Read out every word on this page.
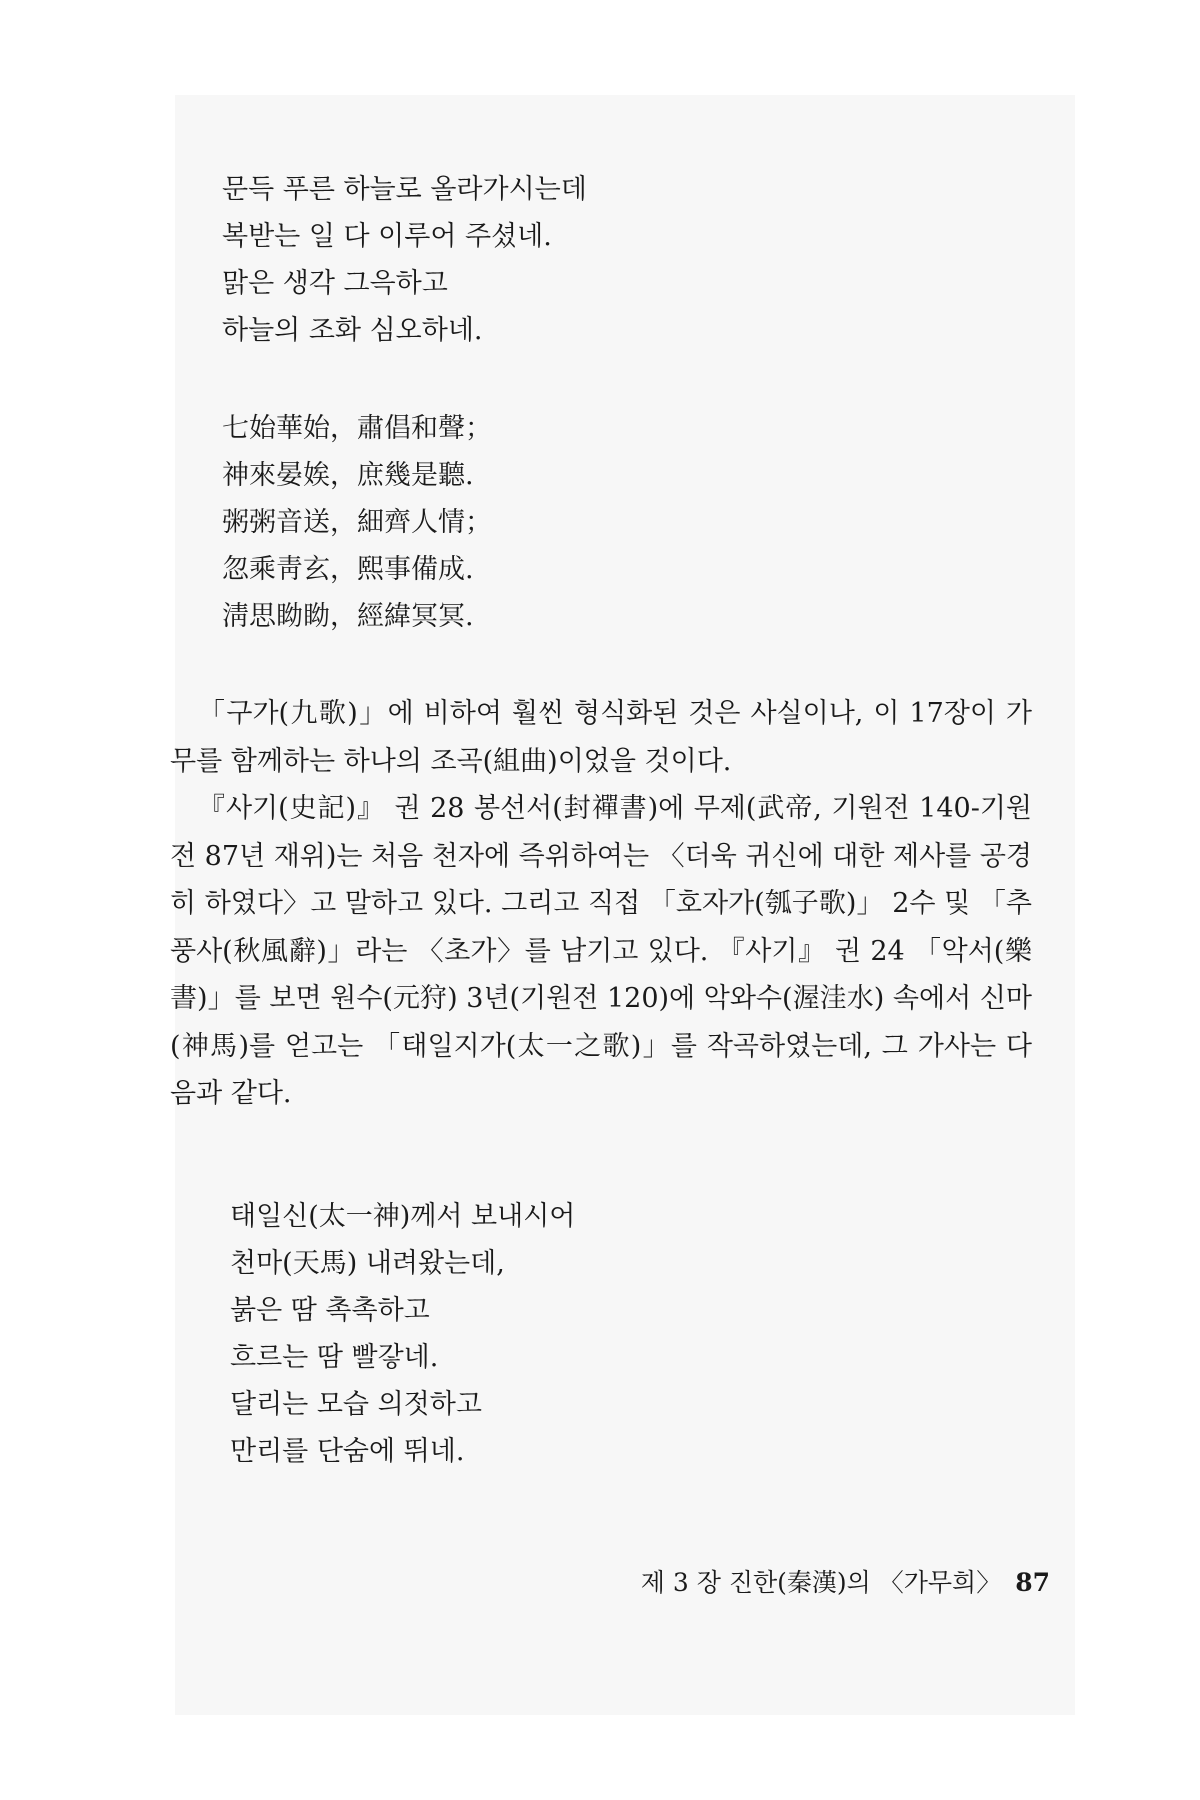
문득 푸른 하늘로 올라가시는데
복받는 일 다 이루어 주셨네.
맑은 생각 그윽하고
하늘의 조화 심오하네.
七始華始，肅倡和聲；
神來晏娭，庶幾是聽.
粥粥音送，細齊人情；
忽乘靑玄，熙事備成.
淸思眑眑，經緯冥冥.

「구가(九歌)」에 비하여 훨씬 형식화된 것은 사실이나, 이 17장이 가무를 함께하는 하나의 조곡(組曲)이었을 것이다.

『사기(史記)』 권 28 봉선서(封禪書)에 무제(武帝, 기원전 140-기원전 87년 재위)는 처음 천자에 즉위하여는 〈더욱 귀신에 대한 제사를 공경히 하였다〉고 말하고 있다. 그리고 직접 「호자가(瓠子歌)」 2수 및 「추풍사(秋風辭)」라는 〈초가〉를 남기고 있다. 『사기』 권 24 「악서(樂書)」를 보면 원수(元狩) 3년(기원전 120)에 악와수(渥洼水) 속에서 신마(神馬)를 얻고는 「태일지가(太一之歌)」를 작곡하였는데, 그 가사는 다음과 같다.

태일신(太一神)께서 보내시어
천마(天馬) 내려왔는데,
붉은 땀 촉촉하고
흐르는 땀 빨갛네.
달리는 모습 의젓하고
만리를 단숨에 뛰네.
제 3 장 진한(秦漢)의 〈가무희〉 87
